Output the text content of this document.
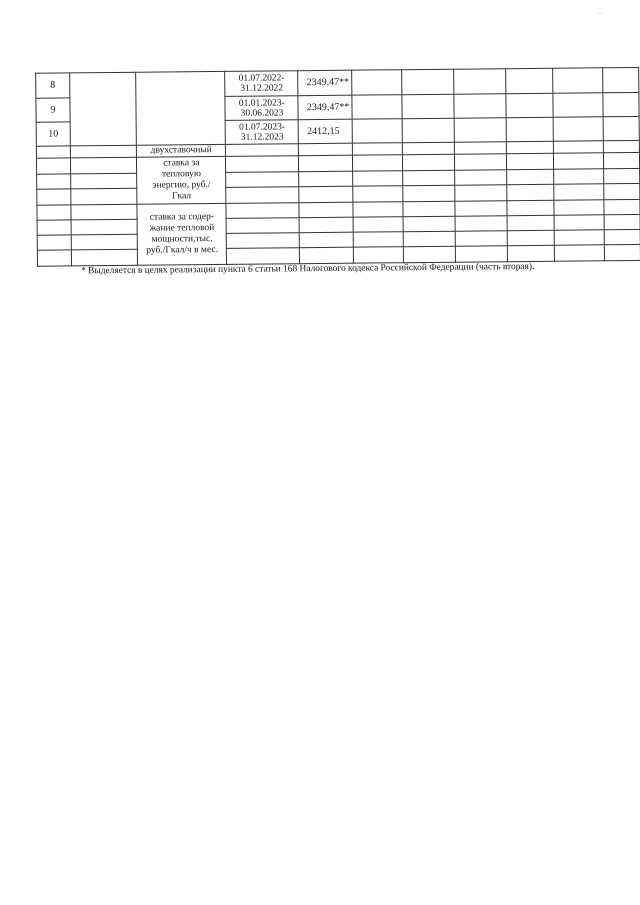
. .
8			01.07.2022-
31.12.2022	2349,47**						
9			01.01.2023-
30.06.2023	2349,47**						
10			01.07.2023-
31.12.2023	2412,15						
		двухставочный								
		ставка за тепловую энергию, руб./Гкал								

		ставка за содер-жание тепловой мощности,тыс. руб./Гкал/ч в мес.								

* Выделяется в целях реализации пункта 6 статьи 168 Налогового кодекса Российской Федерации (часть вторая).
